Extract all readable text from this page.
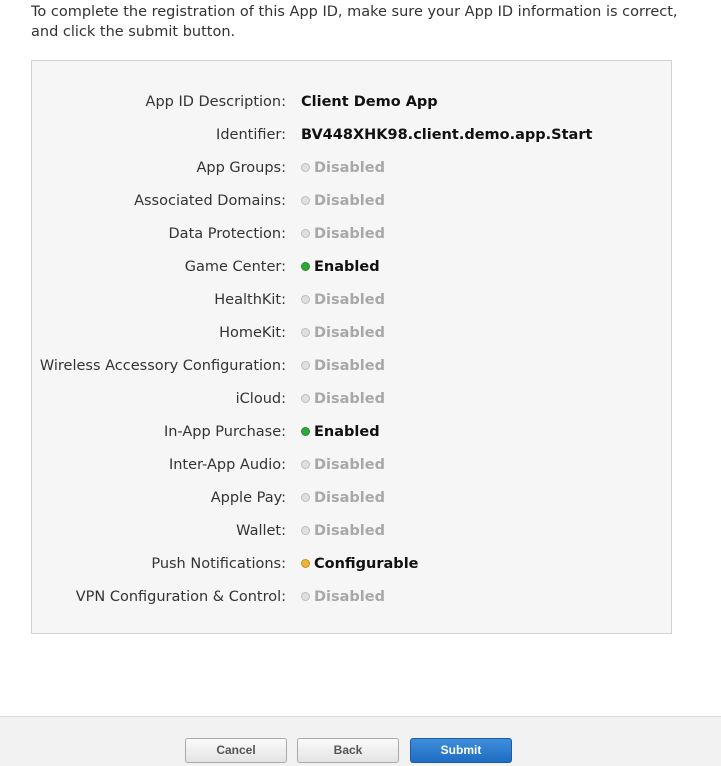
To complete the registration of this App ID, make sure your App ID information is correct, and click the submit button.
App ID Description: Client Demo App
Identifier: BV448XHK98.client.demo.app.Start
App Groups:	Disabled
Associated Domains:	Disabled
Data Protection:	Disabled
Game Center:	Enabled
HealthKit:	Disabled
HomeKit:	Disabled
Wireless Accessory Configuration:	Disabled
iCloud:	Disabled
In-App Purchase:	Enabled
Inter-App Audio:	Disabled
Apple Pay:	Disabled
Wallet:	Disabled
Push Notifications:	Configurable
VPN Configuration & Control:	Disabled
Cancel	Back	Submit
